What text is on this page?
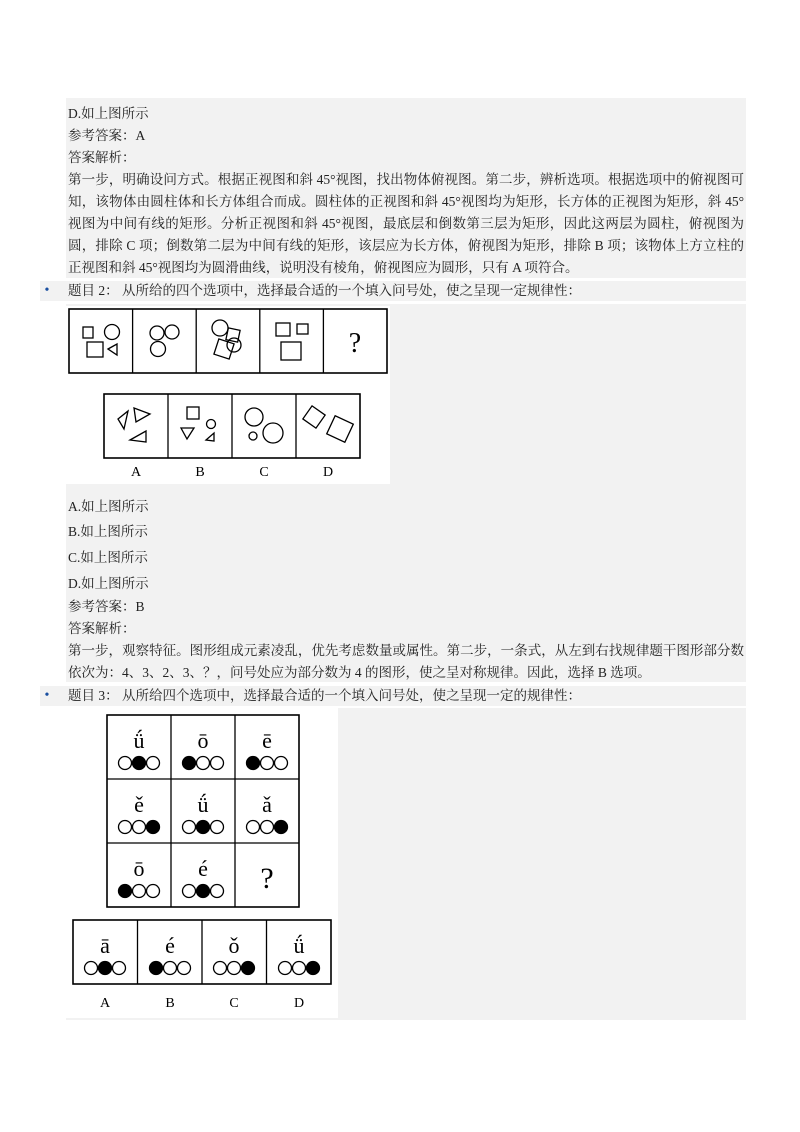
D.如上图所示
参考答案：A
答案解析：
第一步，明确设问方式。根据正视图和斜 45°视图，找出物体俯视图。第二步，辨析选项。根据选项中的俯视图可知，该物体由圆柱体和长方体组合而成。圆柱体的正视图和斜 45°视图均为矩形，长方体的正视图为矩形，斜 45°视图为中间有线的矩形。分析正视图和斜 45°视图，最底层和倒数第三层为矩形，因此这两层为圆柱，俯视图为圆，排除 C 项；倒数第二层为中间有线的矩形，该层应为长方体，俯视图为矩形，排除 B 项；该物体上方立柱的正视图和斜 45°视图均为圆滑曲线，说明没有棱角，俯视图应为圆形，只有 A 项符合。
•	题目 2： 从所给的四个选项中，选择最合适的一个填入问号处，使之呈现一定规律性：
?
A	B	C	D
A.如上图所示
B.如上图所示
C.如上图所示
D.如上图所示
参考答案：B
答案解析：
第一步，观察特征。图形组成元素凌乱，优先考虑数量或属性。第二步，一条式，从左到右找规律题干图形部分数依次为：4、3、2、3、？，问号处应为部分数为 4 的图形，使之呈对称规律。因此，选择 B 选项。
•	题目 3： 从所给四个选项中，选择最合适的一个填入问号处，使之呈现一定的规律性：
ǘ ō ē
ě ǘ ǎ
ō é ?
ā	é ǒ ǘ
A	B	C	D
